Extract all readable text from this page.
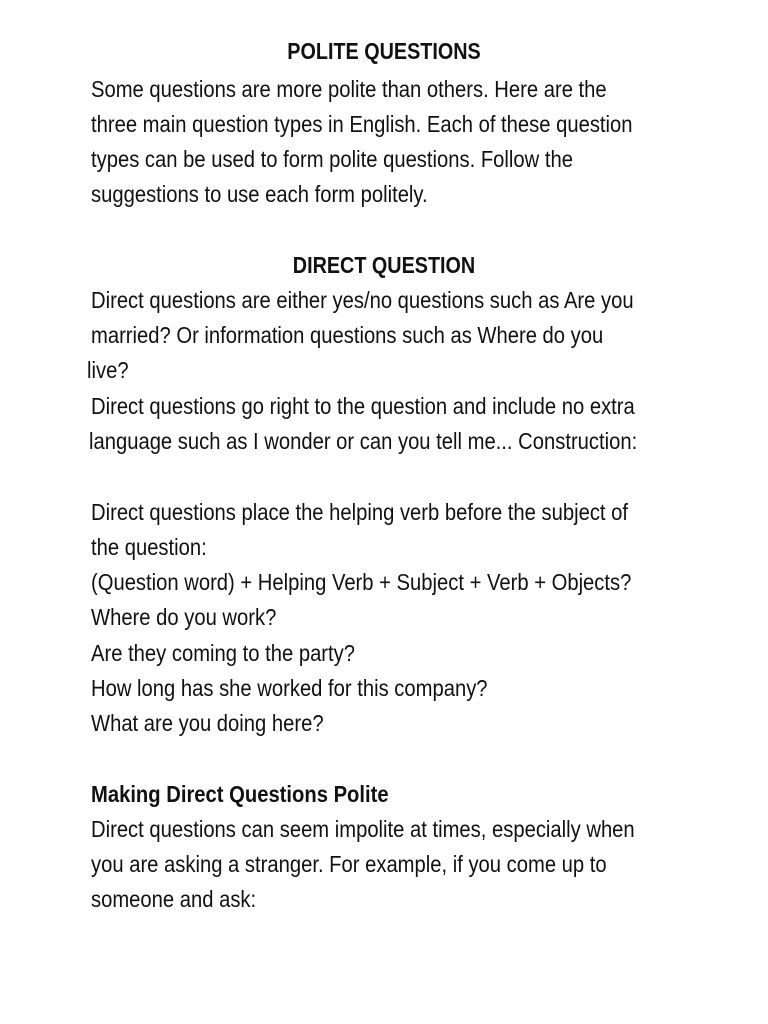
POLITE QUESTIONS

Some questions are more polite than others. Here are the

three main question types in English. Each of these question

types can be used to form polite questions. Follow the

suggestions to use each form politely.

DIRECT QUESTION

Direct questions are either yes/no questions such as Are you

married? Or information questions such as Where do you

live?

Direct questions go right to the question and include no extra

language such as I wonder or can you tell me... Construction:

Direct questions place the helping verb before the subject of

the question:

(Question word) + Helping Verb + Subject + Verb + Objects?

Where do you work?

Are they coming to the party?

How long has she worked for this company?

What are you doing here?

Making Direct Questions Polite

Direct questions can seem impolite at times, especially when

you are asking a stranger. For example, if you come up to

someone and ask:
